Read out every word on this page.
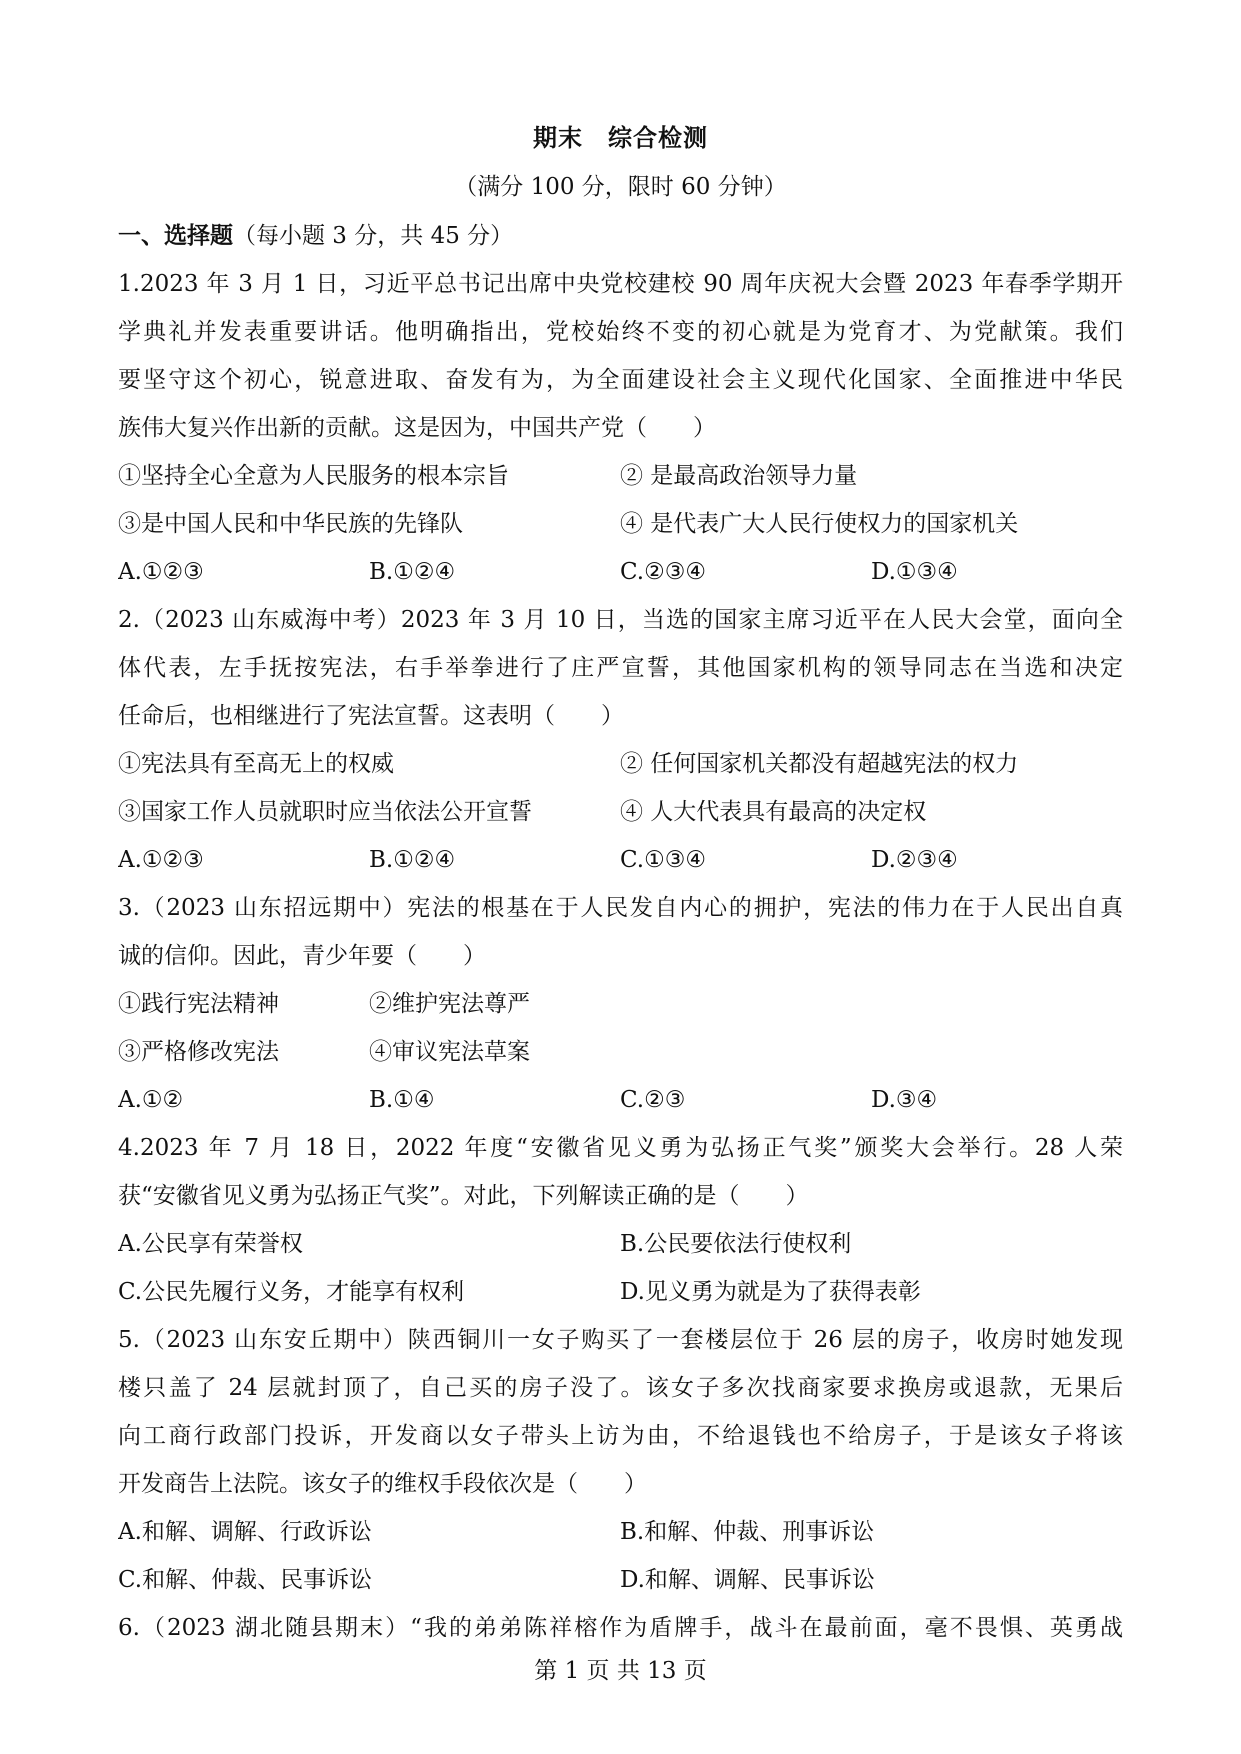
期末　综合检测
（满分 100 分，限时 60 分钟）
一、选择题（每小题 3 分，共 45 分）
1.2023 年 3 月 1 日，习近平总书记出席中央党校建校 90 周年庆祝大会暨 2023 年春季学期开
学典礼并发表重要讲话。他明确指出，党校始终不变的初心就是为党育才、为党献策。我们
要坚守这个初心，锐意进取、奋发有为，为全面建设社会主义现代化国家、全面推进中华民
族伟大复兴作出新的贡献。这是因为，中国共产党（　　）
①坚持全心全意为人民服务的根本宗旨	② 是最高政治领导力量
③是中国人民和中华民族的先锋队	④ 是代表广大人民行使权力的国家机关
A.①②③	B.①②④	C.②③④	D.①③④
2.（2023 山东威海中考）2023 年 3 月 10 日，当选的国家主席习近平在人民大会堂，面向全
体代表，左手抚按宪法，右手举拳进行了庄严宣誓，其他国家机构的领导同志在当选和决定
任命后，也相继进行了宪法宣誓。这表明（　　）
①宪法具有至高无上的权威	② 任何国家机关都没有超越宪法的权力
③国家工作人员就职时应当依法公开宣誓	④ 人大代表具有最高的决定权
A.①②③	B.①②④	C.①③④	D.②③④
3.（2023 山东招远期中）宪法的根基在于人民发自内心的拥护，宪法的伟力在于人民出自真
诚的信仰。因此，青少年要（　　）
①践行宪法精神	②维护宪法尊严
③严格修改宪法	④审议宪法草案
A.①②	B.①④	C.②③	D.③④
4.2023 年 7 月 18 日，2022 年度“安徽省见义勇为弘扬正气奖”颁奖大会举行。28 人荣
获“安徽省见义勇为弘扬正气奖”。对此，下列解读正确的是（　　）
A.公民享有荣誉权	B.公民要依法行使权利
C.公民先履行义务，才能享有权利	D.见义勇为就是为了获得表彰
5.（2023 山东安丘期中）陕西铜川一女子购买了一套楼层位于 26 层的房子，收房时她发现
楼只盖了 24 层就封顶了，自己买的房子没了。该女子多次找商家要求换房或退款，无果后
向工商行政部门投诉，开发商以女子带头上访为由，不给退钱也不给房子，于是该女子将该
开发商告上法院。该女子的维权手段依次是（　　）
A.和解、调解、行政诉讼	B.和解、仲裁、刑事诉讼
C.和解、仲裁、民事诉讼	D.和解、调解、民事诉讼
6.（2023 湖北随县期末）“我的弟弟陈祥榕作为盾牌手，战斗在最前面，毫不畏惧、英勇战
第 1 页 共 13 页
